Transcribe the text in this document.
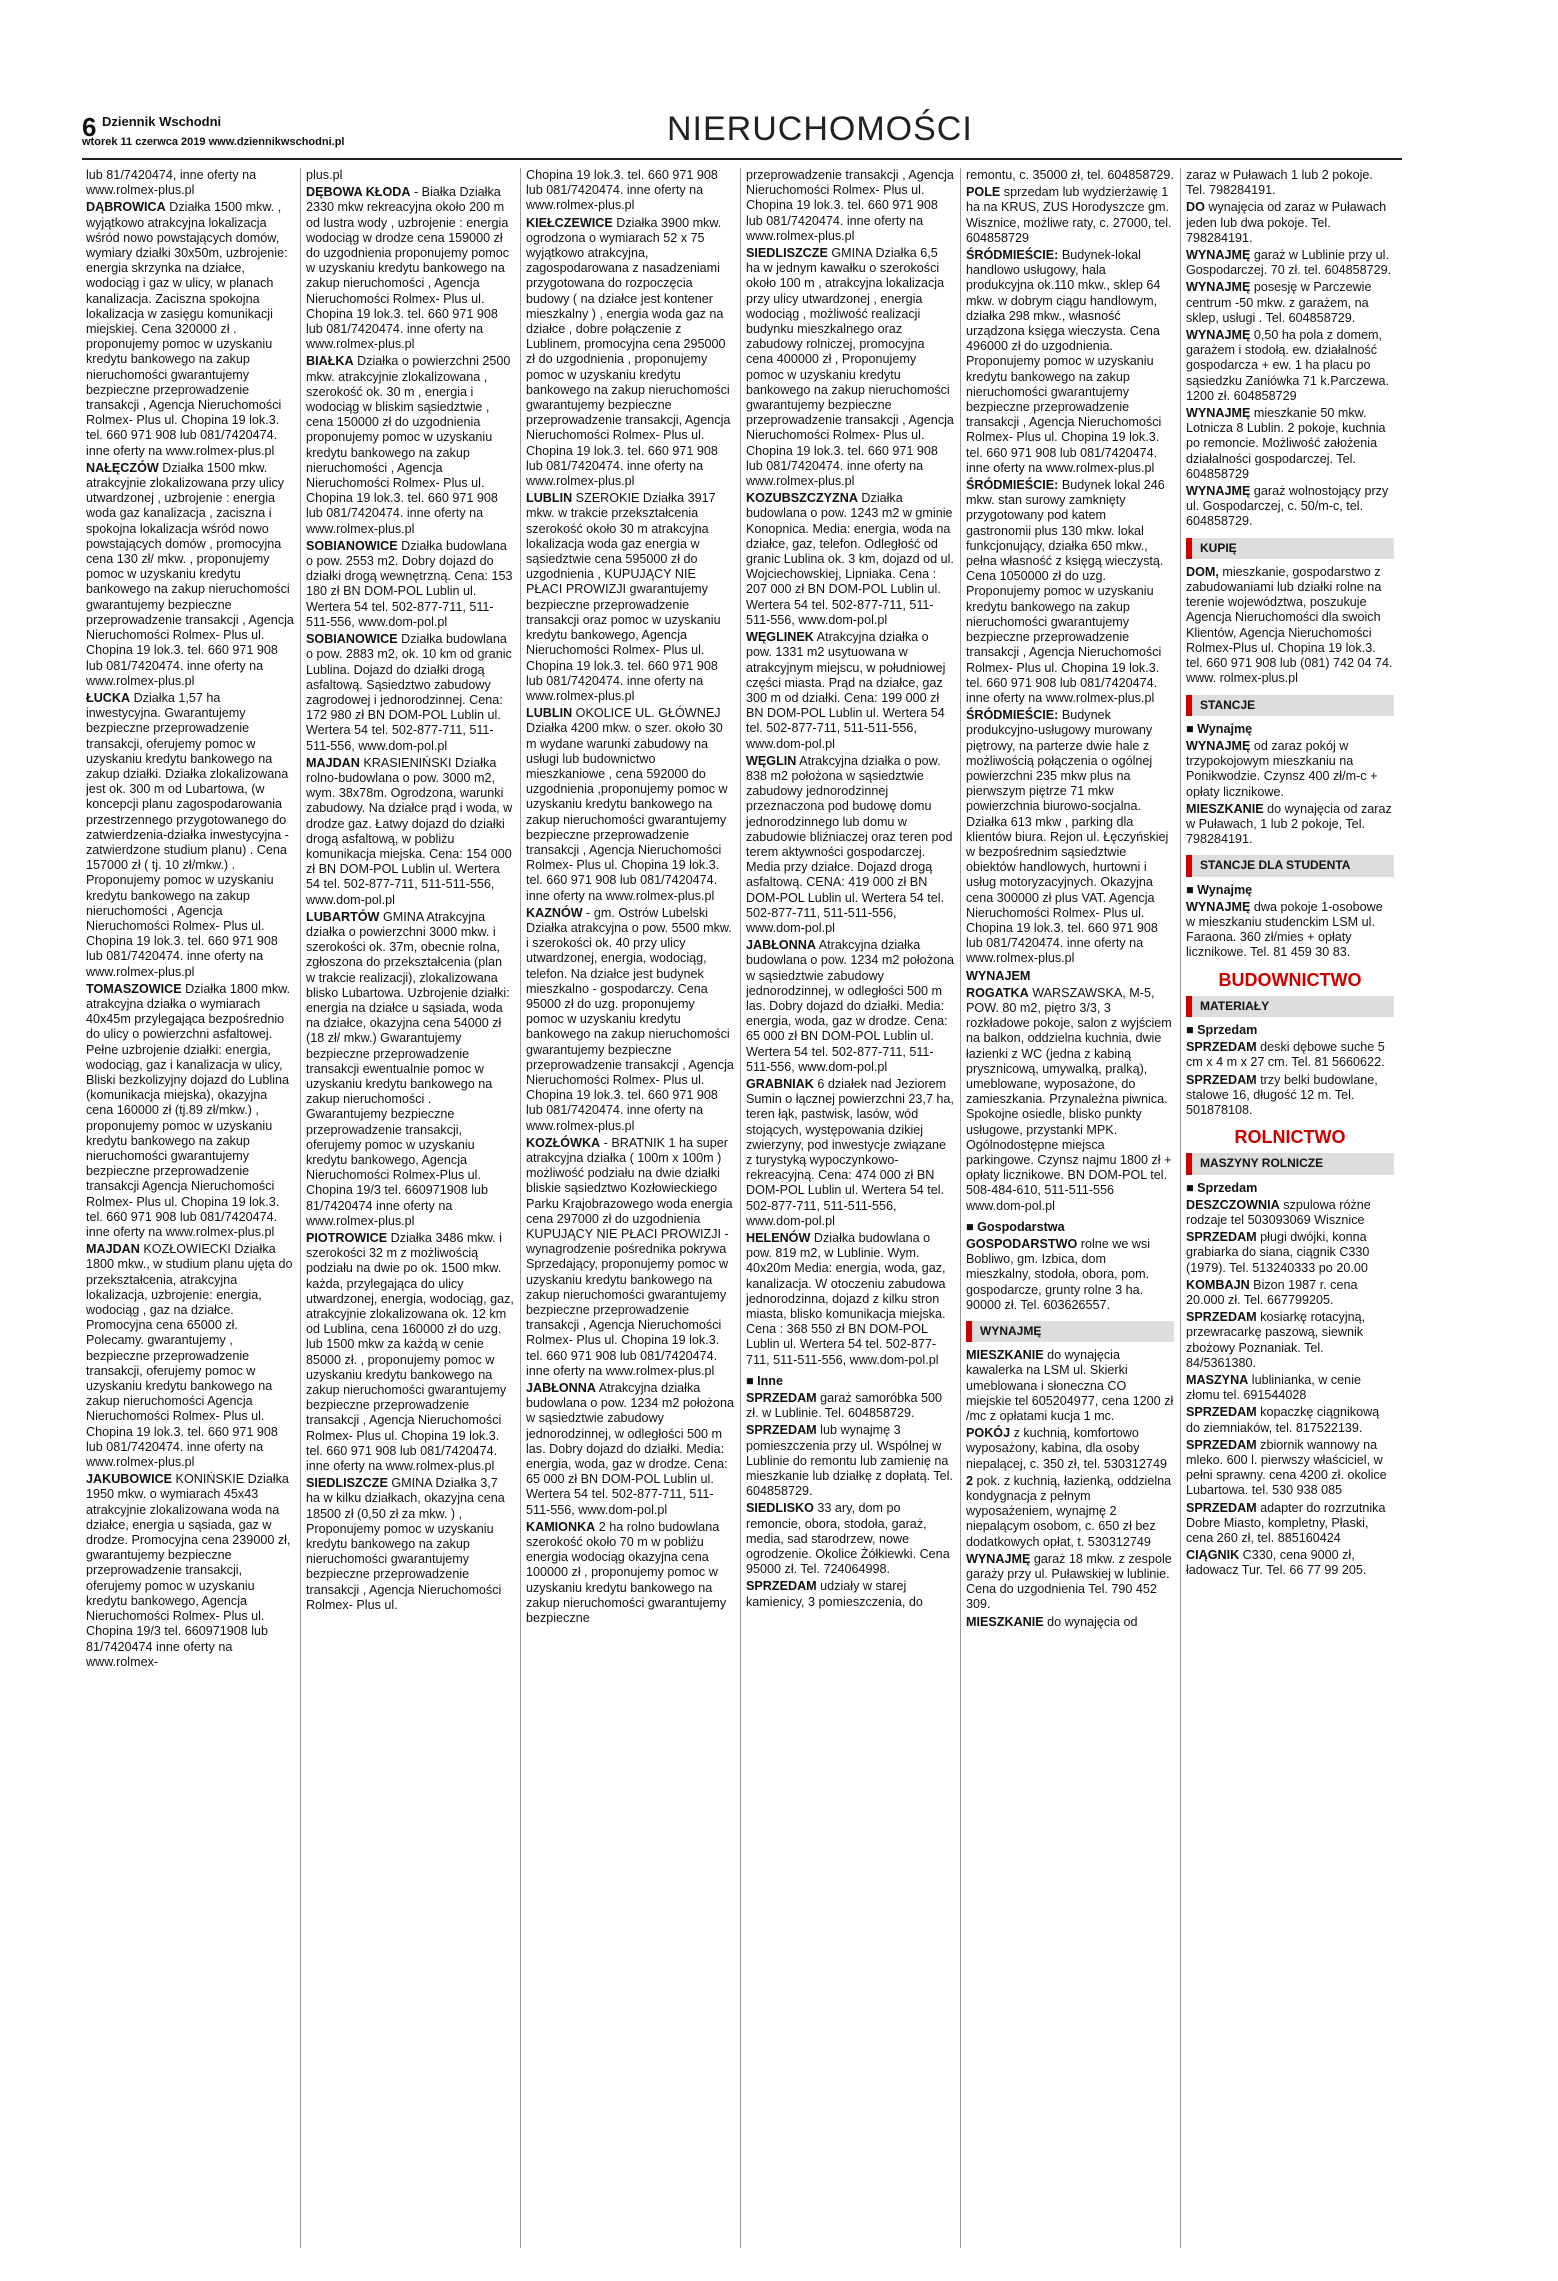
6 Dziennik Wschodni
wtorek 11 czerwca 2019 www.dziennikwschodni.pl	NIERUCHOMOŚCI

lub 81/7420474, inne oferty na www.rolmex-plus.pl

DĄBROWICA Działka 1500 mkw. , wyjątkowo atrakcyjna lokalizacja wśród nowo powstających domów, wymiary działki 30x50m, uzbrojenie: energia skrzynka na działce, wodociąg i gaz w ulicy, w planach kanalizacja. Zaciszna spokojna lokalizacja w zasięgu komunikacji miejskiej. Cena 320000 zł . proponujemy pomoc w uzyskaniu kredytu bankowego na zakup nieruchomości gwarantujemy bezpieczne przeprowadzenie transakcji , Agencja Nieruchomości Rolmex- Plus ul. Chopina 19 lok.3. tel. 660 971 908 lub 081/7420474. inne oferty na www.rolmex-plus.pl

NAŁĘCZÓW Działka 1500 mkw. atrakcyjnie zlokalizowana przy ulicy utwardzonej , uzbrojenie : energia woda gaz kanalizacja , zaciszna i spokojna lokalizacja wśród nowo powstających domów , promocyjna cena 130 zł/ mkw. , proponujemy pomoc w uzyskaniu kredytu bankowego na zakup nieruchomości gwarantujemy bezpieczne przeprowadzenie transakcji , Agencja Nieruchomości Rolmex- Plus ul. Chopina 19 lok.3. tel. 660 971 908 lub 081/7420474. inne oferty na www.rolmex-plus.pl

ŁUCKA Działka 1,57 ha inwestycyjna. Gwarantujemy bezpieczne przeprowadzenie transakcji, oferujemy pomoc w uzyskaniu kredytu bankowego na zakup działki. Działka zlokalizowana jest ok. 300 m od Lubartowa, (w koncepcji planu zagospodarowania przestrzennego przygotowanego do zatwierdzenia-działka inwestycyjna - zatwierdzone studium planu) . Cena 157000 zł ( tj. 10 zł/mkw.) . Proponujemy pomoc w uzyskaniu kredytu bankowego na zakup nieruchomości , Agencja Nieruchomości Rolmex- Plus ul. Chopina 19 lok.3. tel. 660 971 908 lub 081/7420474. inne oferty na www.rolmex-plus.pl

TOMASZOWICE Działka 1800 mkw. atrakcyjna działka o wymiarach 40x45m przylegająca bezpośrednio do ulicy o powierzchni asfaltowej. Pełne uzbrojenie działki: energia, wodociąg, gaz i kanalizacja w ulicy, Bliski bezkolizyjny dojazd do Lublina (komunikacja miejska), okazyjna cena 160000 zł (tj.89 zł/mkw.) , proponujemy pomoc w uzyskaniu kredytu bankowego na zakup nieruchomości gwarantujemy bezpieczne przeprowadzenie transakcji Agencja Nieruchomości Rolmex- Plus ul. Chopina 19 lok.3. tel. 660 971 908 lub 081/7420474. inne oferty na www.rolmex-plus.pl

MAJDAN KOZŁOWIECKI Działka 1800 mkw., w studium planu ujęta do przekształcenia, atrakcyjna lokalizacja, uzbrojenie: energia, wodociąg , gaz na działce. Promocyjna cena 65000 zł. Polecamy. gwarantujemy , bezpieczne przeprowadzenie transakcji, oferujemy pomoc w uzyskaniu kredytu bankowego na zakup nieruchomości Agencja Nieruchomości Rolmex- Plus ul. Chopina 19 lok.3. tel. 660 971 908 lub 081/7420474. inne oferty na www.rolmex-plus.pl

JAKUBOWICE KONIŃSKIE Działka 1950 mkw. o wymiarach 45x43 atrakcyjnie zlokalizowana woda na działce, energia u sąsiada, gaz w drodze. Promocyjna cena 239000 zł, gwarantujemy bezpieczne przeprowadzenie transakcji, oferujemy pomoc w uzyskaniu kredytu bankowego, Agencja Nieruchomości Rolmex- Plus ul. Chopina 19/3 tel. 660971908 lub 81/7420474 inne oferty na www.rolmex-

plus.pl

DĘBOWA KŁODA - Białka Działka 2330 mkw rekreacyjna około 200 m od lustra wody , uzbrojenie : energia wodociąg w drodze cena 159000 zł do uzgodnienia proponujemy pomoc w uzyskaniu kredytu bankowego na zakup nieruchomości , Agencja Nieruchomości Rolmex- Plus ul. Chopina 19 lok.3. tel. 660 971 908 lub 081/7420474. inne oferty na www.rolmex-plus.pl

BIAŁKA Działka o powierzchni 2500 mkw. atrakcyjnie zlokalizowana , szerokość ok. 30 m , energia i wodociąg w bliskim sąsiedztwie , cena 150000 zł do uzgodnienia proponujemy pomoc w uzyskaniu kredytu bankowego na zakup nieruchomości , Agencja Nieruchomości Rolmex- Plus ul. Chopina 19 lok.3. tel. 660 971 908 lub 081/7420474. inne oferty na www.rolmex-plus.pl

SOBIANOWICE Działka budowlana o pow. 2553 m2. Dobry dojazd do działki drogą wewnętrzną. Cena: 153 180 zł BN DOM-POL Lublin ul. Wertera 54 tel. 502-877-711, 511-511-556, www.dom-pol.pl

SOBIANOWICE Działka budowlana o pow. 2883 m2, ok. 10 km od granic Lublina. Dojazd do działki drogą asfaltową. Sąsiedztwo zabudowy zagrodowej i jednorodzinnej. Cena: 172 980 zł BN DOM-POL Lublin ul. Wertera 54 tel. 502-877-711, 511-511-556, www.dom-pol.pl

MAJDAN KRASIENIŃSKI Działka rolno-budowlana o pow. 3000 m2, wym. 38x78m. Ogrodzona, warunki zabudowy. Na działce prąd i woda, w drodze gaz. Łatwy dojazd do działki drogą asfaltową, w pobliżu komunikacja miejska. Cena: 154 000 zł BN DOM-POL Lublin ul. Wertera 54 tel. 502-877-711, 511-511-556, www.dom-pol.pl

LUBARTÓW GMINA Atrakcyjna działka o powierzchni 3000 mkw. i szerokości ok. 37m, obecnie rolna, zgłoszona do przekształcenia (plan w trakcie realizacji), zlokalizowana blisko Lubartowa. Uzbrojenie działki: energia na działce u sąsiada, woda na działce, okazyjna cena 54000 zł (18 zł/ mkw.) Gwarantujemy bezpieczne przeprowadzenie transakcji ewentualnie pomoc w uzyskaniu kredytu bankowego na zakup nieruchomości . Gwarantujemy bezpieczne przeprowadzenie transakcji, oferujemy pomoc w uzyskaniu kredytu bankowego, Agencja Nieruchomości Rolmex-Plus ul. Chopina 19/3 tel. 660971908 lub 81/7420474 inne oferty na www.rolmex-plus.pl

PIOTROWICE Działka 3486 mkw. i szerokości 32 m z możliwością podziału na dwie po ok. 1500 mkw. każda, przylegająca do ulicy utwardzonej, energia, wodociąg, gaz, atrakcyjnie zlokalizowana ok. 12 km od Lublina, cena 160000 zł do uzg. lub 1500 mkw za każdą w cenie 85000 zł. , proponujemy pomoc w uzyskaniu kredytu bankowego na zakup nieruchomości gwarantujemy bezpieczne przeprowadzenie transakcji , Agencja Nieruchomości Rolmex- Plus ul. Chopina 19 lok.3. tel. 660 971 908 lub 081/7420474. inne oferty na www.rolmex-plus.pl

SIEDLISZCZE GMINA Działka 3,7 ha w kilku działkach, okazyjna cena 18500 zł (0,50 zł za mkw. ) , Proponujemy pomoc w uzyskaniu kredytu bankowego na zakup nieruchomości gwarantujemy bezpieczne przeprowadzenie transakcji , Agencja Nieruchomości Rolmex- Plus ul.

Chopina 19 lok.3. tel. 660 971 908 lub 081/7420474. inne oferty na www.rolmex-plus.pl

KIEŁCZEWICE Działka 3900 mkw. ogrodzona o wymiarach 52 x 75 wyjątkowo atrakcyjna, zagospodarowana z nasadzeniami przygotowana do rozpoczęcia budowy ( na działce jest kontener mieszkalny ) , energia woda gaz na działce , dobre połączenie z Lublinem, promocyjna cena 295000 zł do uzgodnienia , proponujemy pomoc w uzyskaniu kredytu bankowego na zakup nieruchomości gwarantujemy bezpieczne przeprowadzenie transakcji, Agencja Nieruchomości Rolmex- Plus ul. Chopina 19 lok.3. tel. 660 971 908 lub 081/7420474. inne oferty na www.rolmex-plus.pl

LUBLIN SZEROKIE Działka 3917 mkw. w trakcie przekształcenia szerokość około 30 m atrakcyjna lokalizacja woda gaz energia w sąsiedztwie cena 595000 zł do uzgodnienia , KUPUJĄCY NIE PŁACI PROWIZJI gwarantujemy bezpieczne przeprowadzenie transakcji oraz pomoc w uzyskaniu kredytu bankowego, Agencja Nieruchomości Rolmex- Plus ul. Chopina 19 lok.3. tel. 660 971 908 lub 081/7420474. inne oferty na www.rolmex-plus.pl

LUBLIN OKOLICE UL. GŁÓWNEJ Działka 4200 mkw. o szer. około 30 m wydane warunki zabudowy na usługi lub budownictwo mieszkaniowe , cena 592000 do uzgodnienia ,proponujemy pomoc w uzyskaniu kredytu bankowego na zakup nieruchomości gwarantujemy bezpieczne przeprowadzenie transakcji , Agencja Nieruchomości Rolmex- Plus ul. Chopina 19 lok.3. tel. 660 971 908 lub 081/7420474. inne oferty na www.rolmex-plus.pl

KAZNÓW - gm. Ostrów Lubelski Działka atrakcyjna o pow. 5500 mkw. i szerokości ok. 40 przy ulicy utwardzonej, energia, wodociąg, telefon. Na działce jest budynek mieszkalno - gospodarczy. Cena 95000 zł do uzg. proponujemy pomoc w uzyskaniu kredytu bankowego na zakup nieruchomości gwarantujemy bezpieczne przeprowadzenie transakcji , Agencja Nieruchomości Rolmex- Plus ul. Chopina 19 lok.3. tel. 660 971 908 lub 081/7420474. inne oferty na www.rolmex-plus.pl

KOZŁÓWKA - BRATNIK 1 ha super atrakcyjna działka ( 100m x 100m ) możliwość podziału na dwie działki bliskie sąsiedztwo Kozłowieckiego Parku Krajobrazowego woda energia cena 297000 zł do uzgodnienia KUPUJĄCY NIE PŁACI PROWIZJI -wynagrodzenie pośrednika pokrywa Sprzedający, proponujemy pomoc w uzyskaniu kredytu bankowego na zakup nieruchomości gwarantujemy bezpieczne przeprowadzenie transakcji , Agencja Nieruchomości Rolmex- Plus ul. Chopina 19 lok.3. tel. 660 971 908 lub 081/7420474. inne oferty na www.rolmex-plus.pl

JABŁONNA Atrakcyjna działka budowlana o pow. 1234 m2 położona w sąsiedztwie zabudowy jednorodzinnej, w odległości 500 m las. Dobry dojazd do działki. Media: energia, woda, gaz w drodze. Cena: 65 000 zł BN DOM-POL Lublin ul. Wertera 54 tel. 502-877-711, 511-511-556, www.dom-pol.pl

KAMIONKA 2 ha rolno budowlana szerokość około 70 m w pobliżu energia wodociąg okazyjna cena 100000 zł , proponujemy pomoc w uzyskaniu kredytu bankowego na zakup nieruchomości gwarantujemy bezpieczne

przeprowadzenie transakcji , Agencja Nieruchomości Rolmex- Plus ul. Chopina 19 lok.3. tel. 660 971 908 lub 081/7420474. inne oferty na www.rolmex-plus.pl

SIEDLISZCZE GMINA Działka 6,5 ha w jednym kawałku o szerokości około 100 m , atrakcyjna lokalizacja przy ulicy utwardzonej , energia wodociąg , możliwość realizacji budynku mieszkalnego oraz zabudowy rolniczej, promocyjna cena 400000 zł , Proponujemy pomoc w uzyskaniu kredytu bankowego na zakup nieruchomości gwarantujemy bezpieczne przeprowadzenie transakcji , Agencja Nieruchomości Rolmex- Plus ul. Chopina 19 lok.3. tel. 660 971 908 lub 081/7420474. inne oferty na www.rolmex-plus.pl

KOZUBSZCZYZNA Działka budowlana o pow. 1243 m2 w gminie Konopnica. Media: energia, woda na działce, gaz, telefon. Odległość od granic Lublina ok. 3 km, dojazd od ul. Wojciechowskiej, Lipniaka. Cena : 207 000 zł BN DOM-POL Lublin ul. Wertera 54 tel. 502-877-711, 511-511-556, www.dom-pol.pl

WĘGLINEK Atrakcyjna działka o pow. 1331 m2 usytuowana w atrakcyjnym miejscu, w południowej części miasta. Prąd na działce, gaz 300 m od działki. Cena: 199 000 zł BN DOM-POL Lublin ul. Wertera 54 tel. 502-877-711, 511-511-556, www.dom-pol.pl

WĘGLIN Atrakcyjna działka o pow. 838 m2 położona w sąsiedztwie zabudowy jednorodzinnej przeznaczona pod budowę domu jednorodzinnego lub domu w zabudowie bliźniaczej oraz teren pod terem aktywności gospodarczej. Media przy działce. Dojazd drogą asfaltową. CENA: 419 000 zł BN DOM-POL Lublin ul. Wertera 54 tel. 502-877-711, 511-511-556, www.dom-pol.pl

JABŁONNA Atrakcyjna działka budowlana o pow. 1234 m2 położona w sąsiedztwie zabudowy jednorodzinnej, w odległości 500 m las. Dobry dojazd do działki. Media: energia, woda, gaz w drodze. Cena: 65 000 zł BN DOM-POL Lublin ul. Wertera 54 tel. 502-877-711, 511-511-556, www.dom-pol.pl

GRABNIAK 6 działek nad Jeziorem Sumin o łącznej powierzchni 23,7 ha, teren łąk, pastwisk, lasów, wód stojących, występowania dzikiej zwierzyny, pod inwestycje związane z turystyką wypoczynkowo-rekreacyjną. Cena: 474 000 zł BN DOM-POL Lublin ul. Wertera 54 tel. 502-877-711, 511-511-556, www.dom-pol.pl

HELENÓW Działka budowlana o pow. 819 m2, w Lublinie. Wym. 40x20m Media: energia, woda, gaz, kanalizacja. W otoczeniu zabudowa jednorodzinna, dojazd z kilku stron miasta, blisko komunikacja miejska. Cena : 368 550 zł BN DOM-POL Lublin ul. Wertera 54 tel. 502-877-711, 511-511-556, www.dom-pol.pl

■ Inne

SPRZEDAM garaż samoróbka 500 zł. w Lublinie. Tel. 604858729.

SPRZEDAM lub wynajmę 3 pomieszczenia przy ul. Wspólnej w Lublinie do remontu lub zamienię na mieszkanie lub działkę z dopłatą. Tel. 604858729.

SIEDLISKO 33 ary, dom po remoncie, obora, stodoła, garaż, media, sad starodrzew, nowe ogrodzenie. Okolice Żółkiewki. Cena 95000 zł. Tel. 724064998.

SPRZEDAM udziały w starej kamienicy, 3 pomieszczenia, do

remontu, c. 35000 zł, tel. 604858729.

POLE sprzedam lub wydzierżawię 1 ha na KRUS, ZUS Horodyszcze gm. Wisznice, możliwe raty, c. 27000, tel. 604858729

ŚRÓDMIEŚCIE: Budynek-lokal handlowo usługowy, hala produkcyjna ok.110 mkw., sklep 64 mkw. w dobrym ciągu handlowym, działka 298 mkw., własność urządzona księga wieczysta. Cena 496000 zł do uzgodnienia. Proponujemy pomoc w uzyskaniu kredytu bankowego na zakup nieruchomości gwarantujemy bezpieczne przeprowadzenie transakcji , Agencja Nieruchomości Rolmex- Plus ul. Chopina 19 lok.3. tel. 660 971 908 lub 081/7420474. inne oferty na www.rolmex-plus.pl

ŚRÓDMIEŚCIE: Budynek lokal 246 mkw. stan surowy zamknięty przygotowany pod katem gastronomii plus 130 mkw. lokal funkcjonujący, działka 650 mkw., pełna własność z księgą wieczystą. Cena 1050000 zł do uzg. Proponujemy pomoc w uzyskaniu kredytu bankowego na zakup nieruchomości gwarantujemy bezpieczne przeprowadzenie transakcji , Agencja Nieruchomości Rolmex- Plus ul. Chopina 19 lok.3. tel. 660 971 908 lub 081/7420474. inne oferty na www.rolmex-plus.pl

ŚRÓDMIEŚCIE: Budynek produkcyjno-usługowy murowany piętrowy, na parterze dwie hale z możliwością połączenia o ogólnej powierzchni 235 mkw plus na pierwszym piętrze 71 mkw powierzchnia biurowo-socjalna. Działka 613 mkw , parking dla klientów biura. Rejon ul. Łęczyńskiej w bezpośrednim sąsiedztwie obiektów handlowych, hurtowni i usług motoryzacyjnych. Okazyjna cena 300000 zł plus VAT. Agencja Nieruchomości Rolmex- Plus ul. Chopina 19 lok.3. tel. 660 971 908 lub 081/7420474. inne oferty na www.rolmex-plus.pl

WYNAJEM

ROGATKA WARSZAWSKA, M-5, POW. 80 m2, piętro 3/3, 3 rozkładowe pokoje, salon z wyjściem na balkon, oddzielna kuchnia, dwie łazienki z WC (jedna z kabiną prysznicową, umywalką, pralką), umeblowane, wyposażone, do zamieszkania. Przynależna piwnica. Spokojne osiedle, blisko punkty usługowe, przystanki MPK. Ogólnodostępne miejsca parkingowe. Czynsz najmu 1800 zł + opłaty licznikowe. BN DOM-POL tel. 508-484-610, 511-511-556 www.dom-pol.pl

■ Gospodarstwa

GOSPODARSTWO rolne we wsi Bobliwo, gm. Izbica, dom mieszkalny, stodoła, obora, pom. gospodarcze, grunty rolne 3 ha. 90000 zł. Tel. 603626557.

WYNAJMĘ

MIESZKANIE do wynajęcia kawalerka na LSM ul. Skierki umeblowana i słoneczna CO miejskie tel 605204977, cena 1200 zł /mc z opłatami kucja 1 mc.

POKÓJ z kuchnią, komfortowo wyposażony, kabina, dla osoby niepalącej, c. 350 zł, tel. 530312749

2 pok. z kuchnią, łazienką, oddzielna kondygnacja z pełnym wyposażeniem, wynajmę 2 niepalącym osobom, c. 650 zł bez dodatkowych opłat, t. 530312749

WYNAJMĘ garaż 18 mkw. z zespole garaży przy ul. Puławskiej w lublinie. Cena do uzgodnienia Tel. 790 452 309.

MIESZKANIE do wynajęcia od

zaraz w Puławach 1 lub 2 pokoje. Tel. 798284191.

DO wynajęcia od zaraz w Puławach jeden lub dwa pokoje. Tel. 798284191.

WYNAJMĘ garaż w Lublinie przy ul. Gospodarczej. 70 zł. tel. 604858729.

WYNAJMĘ posesję w Parczewie centrum -50 mkw. z garażem, na sklep, usługi . Tel. 604858729.

WYNAJMĘ 0,50 ha pola z domem, garażem i stodołą. ew. działalność gospodarcza + ew. 1 ha placu po sąsiedzku Zaniówka 71 k.Parczewa. 1200 zł. 604858729

WYNAJMĘ mieszkanie 50 mkw. Lotnicza 8 Lublin. 2 pokoje, kuchnia po remoncie. Możliwość założenia działalności gospodarczej. Tel. 604858729

WYNAJMĘ garaż wolnostojący przy ul. Gospodarczej, c. 50/m-c, tel. 604858729.

KUPIĘ

DOM, mieszkanie, gospodarstwo z zabudowaniami lub działki rolne na terenie województwa, poszukuje Agencja Nieruchomości dla swoich Klientów, Agencja Nieruchomości Rolmex-Plus ul. Chopina 19 lok.3. tel. 660 971 908 lub (081) 742 04 74. www. rolmex-plus.pl

STANCJE
■ Wynajmę

WYNAJMĘ od zaraz pokój w trzypokojowym mieszkaniu na Ponikwodzie. Czynsz 400 zł/m-c + opłaty licznikowe.

MIESZKANIE do wynajęcia od zaraz w Puławach, 1 lub 2 pokoje, Tel. 798284191.

STANCJE DLA STUDENTA
■ Wynajmę

WYNAJMĘ dwa pokoje 1-osobowe w mieszkaniu studenckim LSM ul. Faraona. 360 zł/mies + opłaty licznikowe. Tel. 81 459 30 83.

BUDOWNICTWO
MATERIAŁY
■ Sprzedam

SPRZEDAM deski dębowe suche 5 cm x 4 m x 27 cm. Tel. 81 5660622.

SPRZEDAM trzy belki budowlane, stalowe 16, długość 12 m. Tel. 501878108.

ROLNICTWO
MASZYNY ROLNICZE
■ Sprzedam

DESZCZOWNIA szpulowa różne rodzaje tel 503093069 Wisznice

SPRZEDAM pługi dwójki, konna grabiarka do siana, ciągnik C330 (1979). Tel. 513240333 po 20.00

KOMBAJN Bizon 1987 r. cena 20.000 zł. Tel. 667799205.

SPRZEDAM kosiarkę rotacyjną, przewracarkę paszową, siewnik zbożowy Poznaniak. Tel. 84/5361380.

MASZYNA lublinianka, w cenie złomu tel. 691544028

SPRZEDAM kopaczkę ciągnikową do ziemniaków, tel. 817522139.

SPRZEDAM zbiornik wannowy na mleko. 600 l. pierwszy właściciel, w pełni sprawny. cena 4200 zł. okolice Lubartowa. tel. 530 938 085

SPRZEDAM adapter do rozrzutnika Dobre Miasto, kompletny, Płaski, cena 260 zł, tel. 885160424

CIĄGNIK C330, cena 9000 zł, ładowacz Tur. Tel. 66 77 99 205.
